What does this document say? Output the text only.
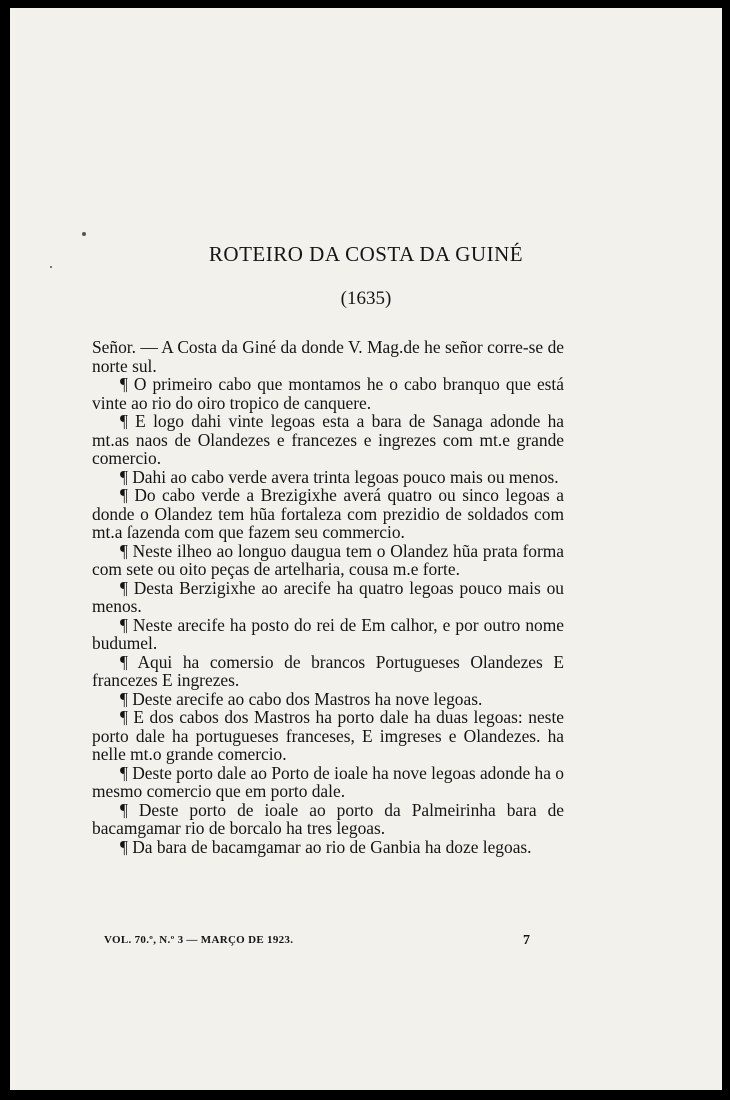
ROTEIRO DA COSTA DA GUINÉ
(1635)

Señor. — A Costa da Giné da donde V. Mag.de he señor corre-se de norte sul.

¶ O primeiro cabo que montamos he o cabo branquo que está vinte ao rio do oiro tropico de canquere.

¶ E logo dahi vinte legoas esta a bara de Sanaga adonde ha mt.as naos de Olandezes e francezes e ingrezes com mt.e grande comercio.

¶ Dahi ao cabo verde avera trinta legoas pouco mais ou menos.

¶ Do cabo verde a Brezigixhe averá quatro ou sinco legoas a donde o Olandez tem hũa fortaleza com prezidio de soldados com mt.a ſazenda com que fazem seu commercio.

¶ Neste ilheo ao longuo daugua tem o Olandez hũa prata forma com sete ou oito peças de artelharia, cousa m.e forte.

¶ Desta Berzigixhe ao arecife ha quatro legoas pouco mais ou menos.

¶ Neste arecife ha posto do rei de Em calhor, e por outro nome budumel.

¶ Aqui ha comersio de brancos Portugueses Olandezes E francezes E ingrezes.

¶ Deste arecife ao cabo dos Mastros ha nove legoas.

¶ E dos cabos dos Mastros ha porto dale ha duas legoas: neste porto dale ha portugueses franceses, E imgreses e Olandezes. ha nelle mt.o grande comercio.

¶ Deste porto dale ao Porto de ioale ha nove legoas adonde ha o mesmo comercio que em porto dale.

¶ Deste porto de ioale ao porto da Palmeirinha bara de bacamgamar rio de borcalo ha tres legoas.

¶ Da bara de bacamgamar ao rio de Ganbia ha doze legoas.

VOL. 70.º, N.º 3 — MARÇO DE 1923.	7
